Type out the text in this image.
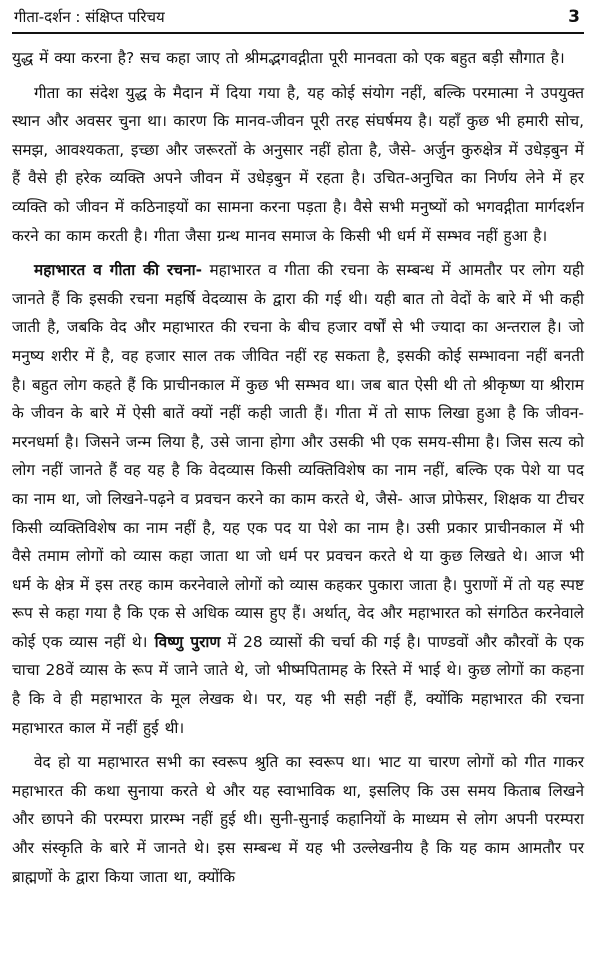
गीता-दर्शन : संक्षिप्त परिचय	3

युद्ध में क्या करना है? सच कहा जाए तो श्रीमद्भगवद्गीता पूरी मानवता को एक बहुत बड़ी सौगात है।

गीता का संदेश युद्ध के मैदान में दिया गया है, यह कोई संयोग नहीं, बल्कि परमात्मा ने उपयुक्त स्थान और अवसर चुना था। कारण कि मानव-जीवन पूरी तरह संघर्षमय है। यहाँ कुछ भी हमारी सोच, समझ, आवश्यकता, इच्छा और जरूरतों के अनुसार नहीं होता है, जैसे- अर्जुन कुरुक्षेत्र में उधेड़बुन में हैं वैसे ही हरेक व्यक्ति अपने जीवन में उधेड़बुन में रहता है। उचित-अनुचित का निर्णय लेने में हर व्यक्ति को जीवन में कठिनाइयों का सामना करना पड़ता है। वैसे सभी मनुष्यों को भगवद्गीता मार्गदर्शन करने का काम करती है। गीता जैसा ग्रन्थ मानव समाज के किसी भी धर्म में सम्भव नहीं हुआ है।

महाभारत व गीता की रचना- महाभारत व गीता की रचना के सम्बन्ध में आमतौर पर लोग यही जानते हैं कि इसकी रचना महर्षि वेदव्यास के द्वारा की गई थी। यही बात तो वेदों के बारे में भी कही जाती है, जबकि वेद और महाभारत की रचना के बीच हजार वर्षों से भी ज्यादा का अन्तराल है। जो मनुष्य शरीर में है, वह हजार साल तक जीवित नहीं रह सकता है, इसकी कोई सम्भावना नहीं बनती है। बहुत लोग कहते हैं कि प्राचीनकाल में कुछ भी सम्भव था। जब बात ऐसी थी तो श्रीकृष्ण या श्रीराम के जीवन के बारे में ऐसी बातें क्यों नहीं कही जाती हैं। गीता में तो साफ लिखा हुआ है कि जीवन-मरनधर्मा है। जिसने जन्म लिया है, उसे जाना होगा और उसकी भी एक समय-सीमा है। जिस सत्य को लोग नहीं जानते हैं वह यह है कि वेदव्यास किसी व्यक्तिविशेष का नाम नहीं, बल्कि एक पेशे या पद का नाम था, जो लिखने-पढ़ने व प्रवचन करने का काम करते थे, जैसे- आज प्रोफेसर, शिक्षक या टीचर किसी व्यक्तिविशेष का नाम नहीं है, यह एक पद या पेशे का नाम है। उसी प्रकार प्राचीनकाल में भी वैसे तमाम लोगों को व्यास कहा जाता था जो धर्म पर प्रवचन करते थे या कुछ लिखते थे। आज भी धर्म के क्षेत्र में इस तरह काम करनेवाले लोगों को व्यास कहकर पुकारा जाता है। पुराणों में तो यह स्पष्ट रूप से कहा गया है कि एक से अधिक व्यास हुए हैं। अर्थात्, वेद और महाभारत को संगठित करनेवाले कोई एक व्यास नहीं थे। विष्णु पुराण में 28 व्यासों की चर्चा की गई है। पाण्डवों और कौरवों के एक चाचा 28वें व्यास के रूप में जाने जाते थे, जो भीष्मपितामह के रिस्ते में भाई थे। कुछ लोगों का कहना है कि वे ही महाभारत के मूल लेखक थे। पर, यह भी सही नहीं हैं, क्योंकि महाभारत की रचना महाभारत काल में नहीं हुई थी।

वेद हो या महाभारत सभी का स्वरूप श्रुति का स्वरूप था। भाट या चारण लोगों को गीत गाकर महाभारत की कथा सुनाया करते थे और यह स्वाभाविक था, इसलिए कि उस समय किताब लिखने और छापने की परम्परा प्रारम्भ नहीं हुई थी। सुनी-सुनाई कहानियों के माध्यम से लोग अपनी परम्परा और संस्कृति के बारे में जानते थे। इस सम्बन्ध में यह भी उल्लेखनीय है कि यह काम आमतौर पर ब्राह्मणों के द्वारा किया जाता था, क्योंकि
